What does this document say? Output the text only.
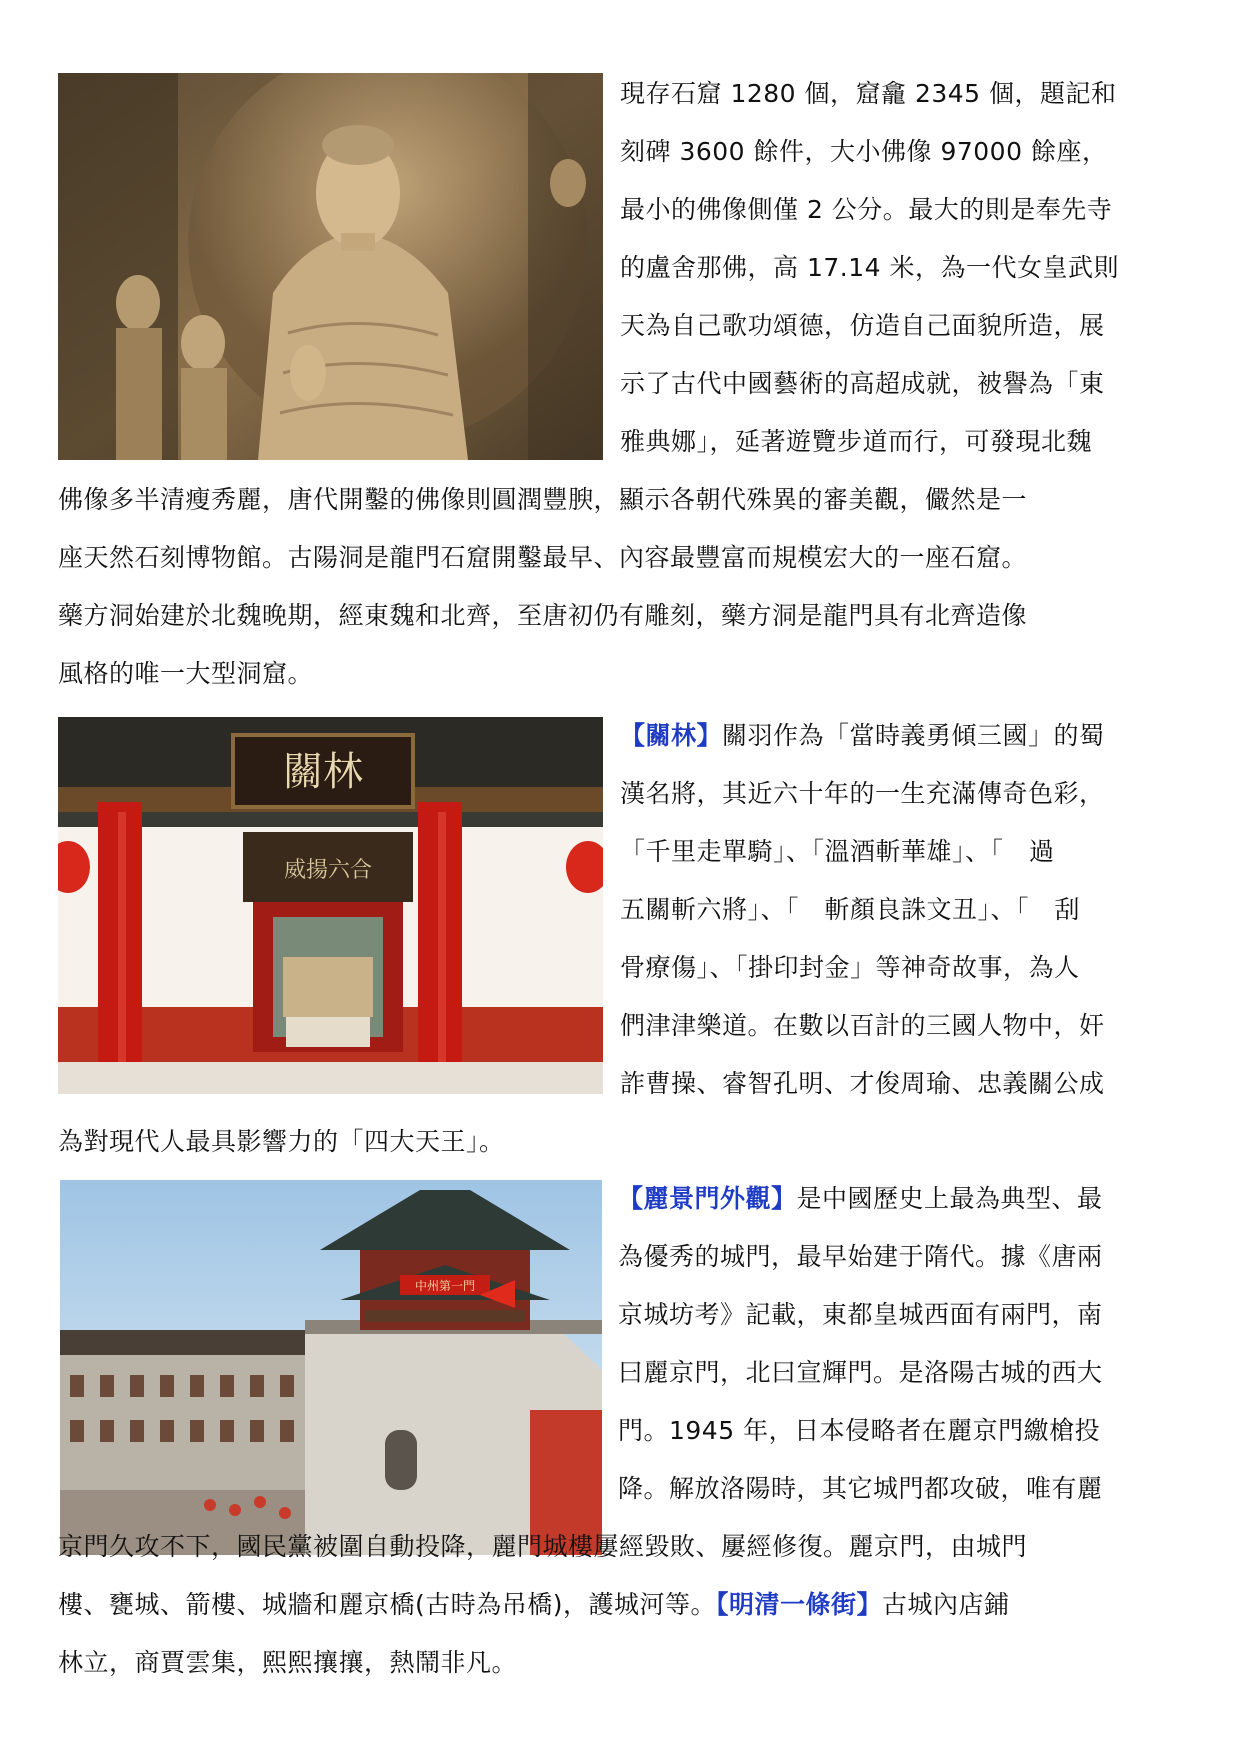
現存石窟 1280 個，窟龕 2345 個，題記和
刻碑 3600 餘件，大小佛像 97000 餘座，
最小的佛像側僅 2 公分。最大的則是奉先寺
的盧舍那佛，高 17.14 米，為一代女皇武則
天為自己歌功頌德，仿造自己面貌所造，展
示了古代中國藝術的高超成就，被譽為「東
雅典娜」，延著遊覽步道而行，可發現北魏
佛像多半清瘦秀麗，唐代開鑿的佛像則圓潤豐腴，顯示各朝代殊異的審美觀，儼然是一
座天然石刻博物館。古陽洞是龍門石窟開鑿最早、內容最豐富而規模宏大的一座石窟。
藥方洞始建於北魏晚期，經東魏和北齊，至唐初仍有雕刻，藥方洞是龍門具有北齊造像
風格的唯一大型洞窟。
關林
威揚六合
【關林】關羽作為「當時義勇傾三國」的蜀
漢名將，其近六十年的一生充滿傳奇色彩，
「千里走單騎」、「溫酒斬華雄」、「　過
五關斬六將」、「　斬顏良誅文丑」、「　刮
骨療傷」、「掛印封金」等神奇故事，為人
們津津樂道。在數以百計的三國人物中，奸
詐曹操、睿智孔明、才俊周瑜、忠義關公成
為對現代人最具影響力的「四大天王」。
中州第一門
【麗景門外觀】是中國歷史上最為典型、最
為優秀的城門，最早始建于隋代。據《唐兩
京城坊考》記載，東都皇城西面有兩門，南
曰麗京門，北曰宣輝門。是洛陽古城的西大
門。1945 年，日本侵略者在麗京門繳槍投
降。解放洛陽時，其它城門都攻破，唯有麗
京門久攻不下，國民黨被圍自動投降，麗門城樓屢經毀敗、屢經修復。麗京門，由城門
樓、甕城、箭樓、城牆和麗京橋(古時為吊橋)，護城河等。【明清一條街】古城內店鋪
林立，商賈雲集，熙熙攘攘，熱鬧非凡。
